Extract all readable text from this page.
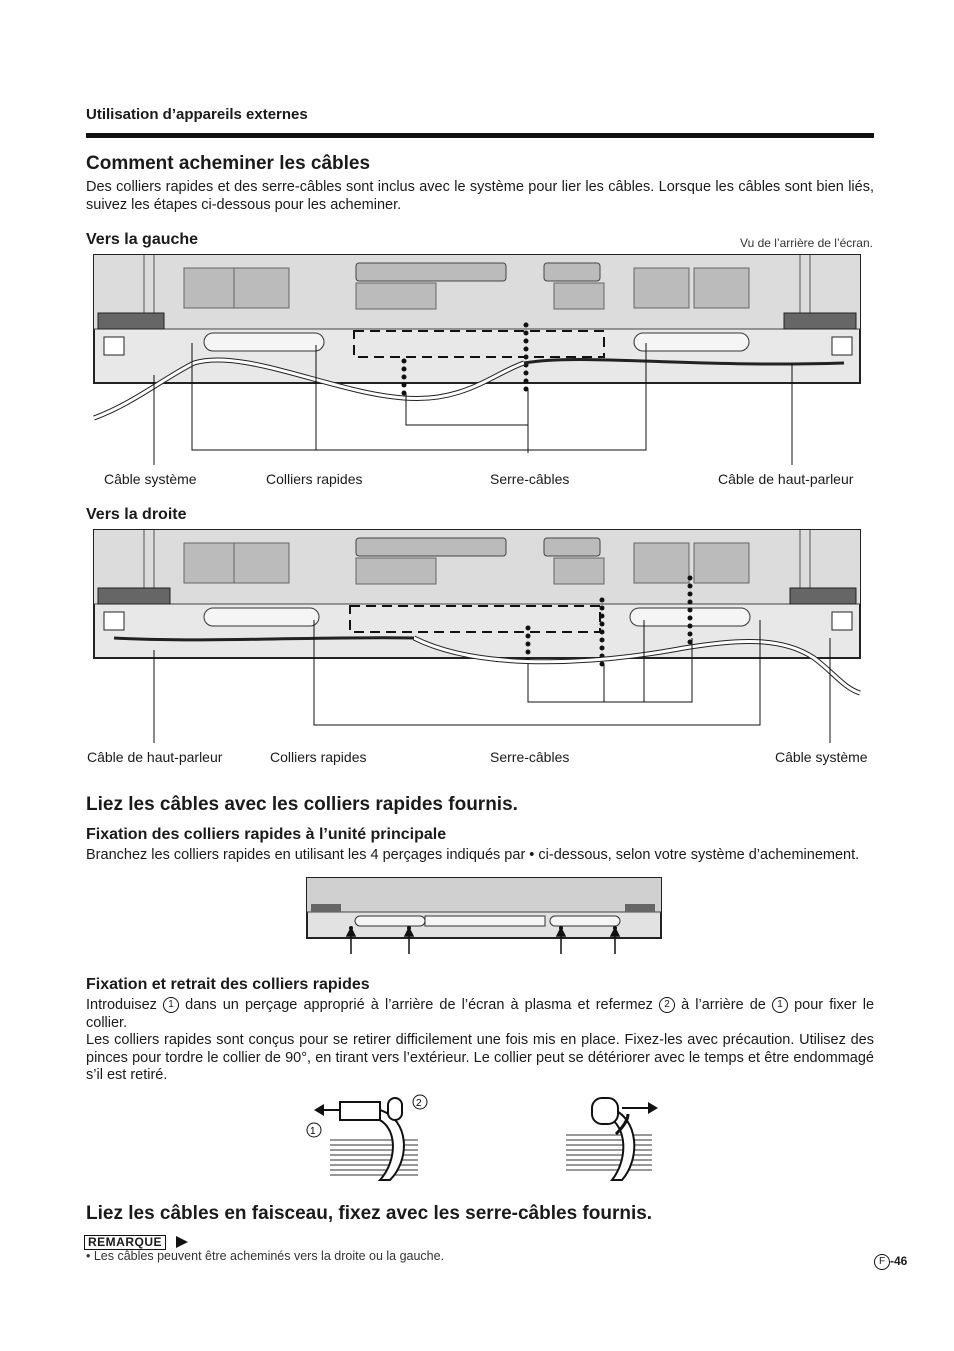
Utilisation d’appareils externes
Comment acheminer les câbles
Des colliers rapides et des serre-câbles sont inclus avec le système pour lier les câbles. Lorsque les câbles sont bien liés, suivez les étapes ci-dessous pour les acheminer.
Vers la gauche	Vu de l’arrière de l’écran.
Câble système	Colliers rapides	Serre-câbles	Câble de haut-parleur
Vers la droite
Câble de haut-parleur	Colliers rapides	Serre-câbles	Câble système
Liez les câbles avec les colliers rapides fournis.
Fixation des colliers rapides à l’unité principale
Branchez les colliers rapides en utilisant les 4 perçages indiqués par • ci-dessous, selon votre système d’acheminement.
Fixation et retrait des colliers rapides
Introduisez 1 dans un perçage approprié à l’arrière de l’écran à plasma et refermez 2 à l’arrière de 1 pour fixer le collier.
Les colliers rapides sont conçus pour se retirer difficilement une fois mis en place. Fixez-les avec précaution. Utilisez des pinces pour tordre le collier de 90°, en tirant vers l’extérieur. Le collier peut se détériorer avec le temps et être endommagé s’il est retiré.
2
1
Liez les câbles en faisceau, fixez avec les serre-câbles fournis.
REMARQUE
• Les câbles peuvent être acheminés vers la droite ou la gauche.	F -46
